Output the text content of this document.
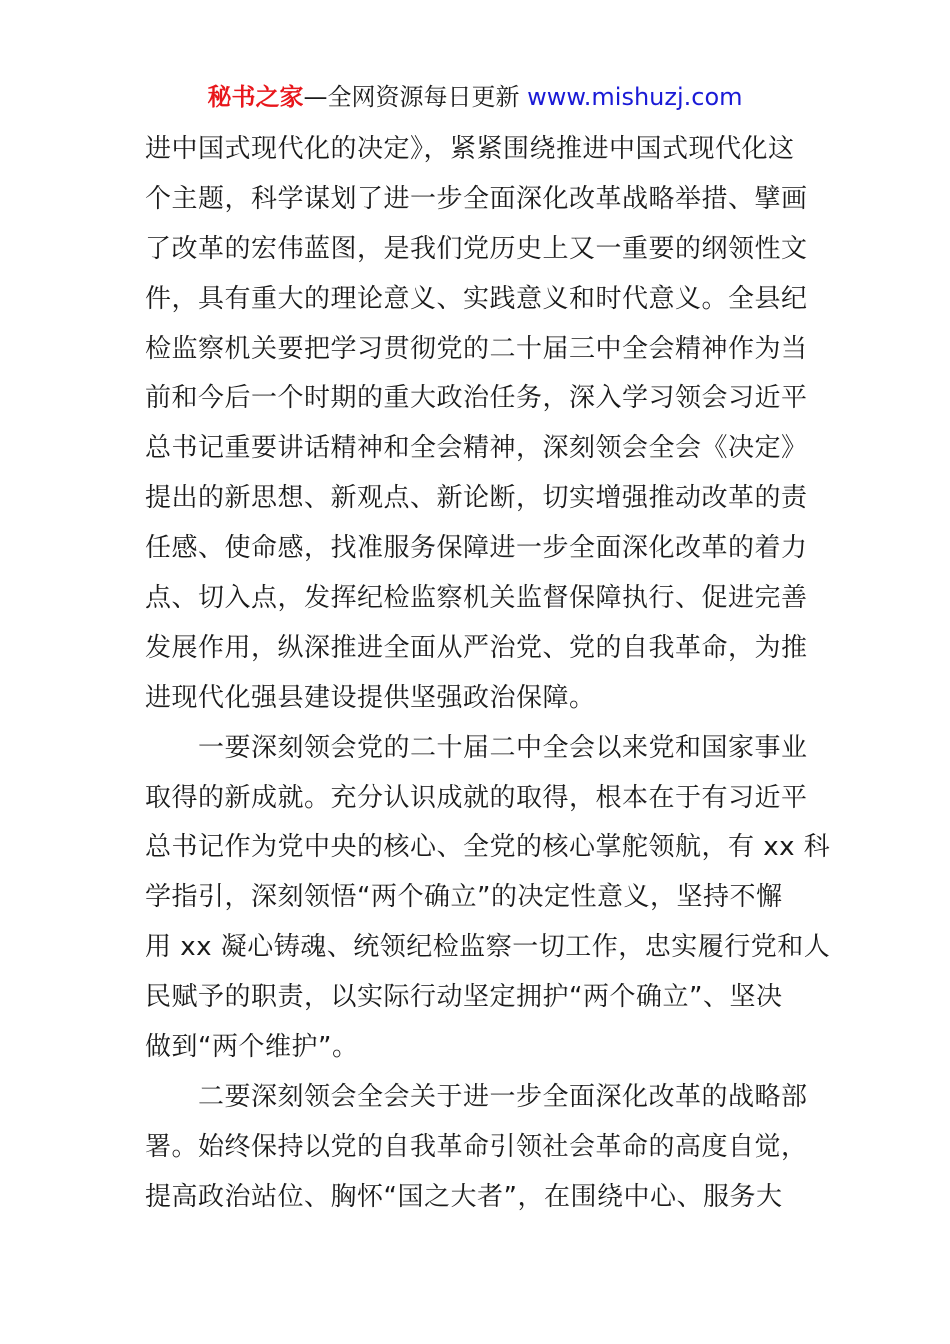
秘书之家—全网资源每日更新 www.mishuzj.com
进中国式现代化的决定》，紧紧围绕推进中国式现代化这
个主题，科学谋划了进一步全面深化改革战略举措、擘画
了改革的宏伟蓝图，是我们党历史上又一重要的纲领性文
件，具有重大的理论意义、实践意义和时代意义。全县纪
检监察机关要把学习贯彻党的二十届三中全会精神作为当
前和今后一个时期的重大政治任务，深入学习领会习近平
总书记重要讲话精神和全会精神，深刻领会全会《决定》
提出的新思想、新观点、新论断，切实增强推动改革的责
任感、使命感，找准服务保障进一步全面深化改革的着力
点、切入点，发挥纪检监察机关监督保障执行、促进完善
发展作用，纵深推进全面从严治党、党的自我革命，为推
进现代化强县建设提供坚强政治保障。
一要深刻领会党的二十届二中全会以来党和国家事业
取得的新成就。充分认识成就的取得，根本在于有习近平
总书记作为党中央的核心、全党的核心掌舵领航，有 xx 科
学指引，深刻领悟“两个确立”的决定性意义，坚持不懈
用 xx 凝心铸魂、统领纪检监察一切工作，忠实履行党和人
民赋予的职责，以实际行动坚定拥护“两个确立”、坚决
做到“两个维护”。
二要深刻领会全会关于进一步全面深化改革的战略部
署。始终保持以党的自我革命引领社会革命的高度自觉，
提高政治站位、胸怀“国之大者”，在围绕中心、服务大
